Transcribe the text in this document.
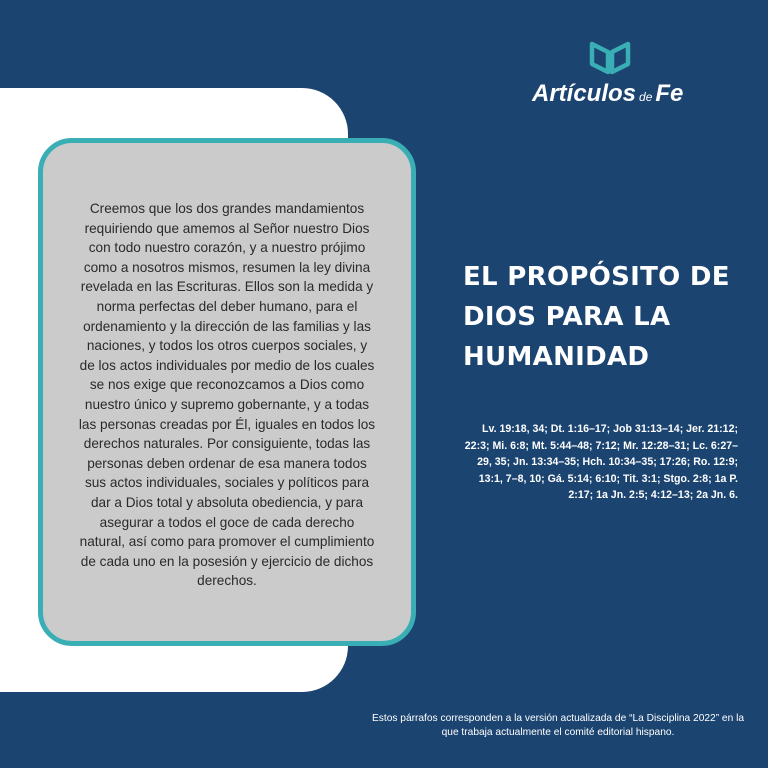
Creemos que los dos grandes mandamientos requiriendo que amemos al Señor nuestro Dios con todo nuestro corazón, y a nuestro prójimo como a nosotros mismos, resumen la ley divina revelada en las Escrituras. Ellos son la medida y norma perfectas del deber humano, para el ordenamiento y la dirección de las familias y las naciones, y todos los otros cuerpos sociales, y de los actos individuales por medio de los cuales se nos exige que reconozcamos a Dios como nuestro único y supremo gobernante, y a todas las personas creadas por Él, iguales en todos los derechos naturales. Por consiguiente, todas las personas deben ordenar de esa manera todos sus actos individuales, sociales y políticos para dar a Dios total y absoluta obediencia, y para asegurar a todos el goce de cada derecho natural, así como para promover el cumplimiento de cada uno en la posesión y ejercicio de dichos derechos.
Artículos de Fe
EL PROPÓSITO DE DIOS PARA LA HUMANIDAD
Lv. 19:18, 34; Dt. 1:16–17; Job 31:13–14; Jer. 21:12; 22:3; Mi. 6:8; Mt. 5:44–48; 7:12; Mr. 12:28–31; Lc. 6:27–29, 35; Jn. 13:34–35; Hch. 10:34–35; 17:26; Ro. 12:9; 13:1, 7–8, 10; Gá. 5:14; 6:10; Tit. 3:1; Stgo. 2:8; 1a P. 2:17; 1a Jn. 2:5; 4:12–13; 2a Jn. 6.
Estos párrafos corresponden a la versión actualizada de “La Disciplina 2022” en la que trabaja actualmente el comité editorial hispano.
